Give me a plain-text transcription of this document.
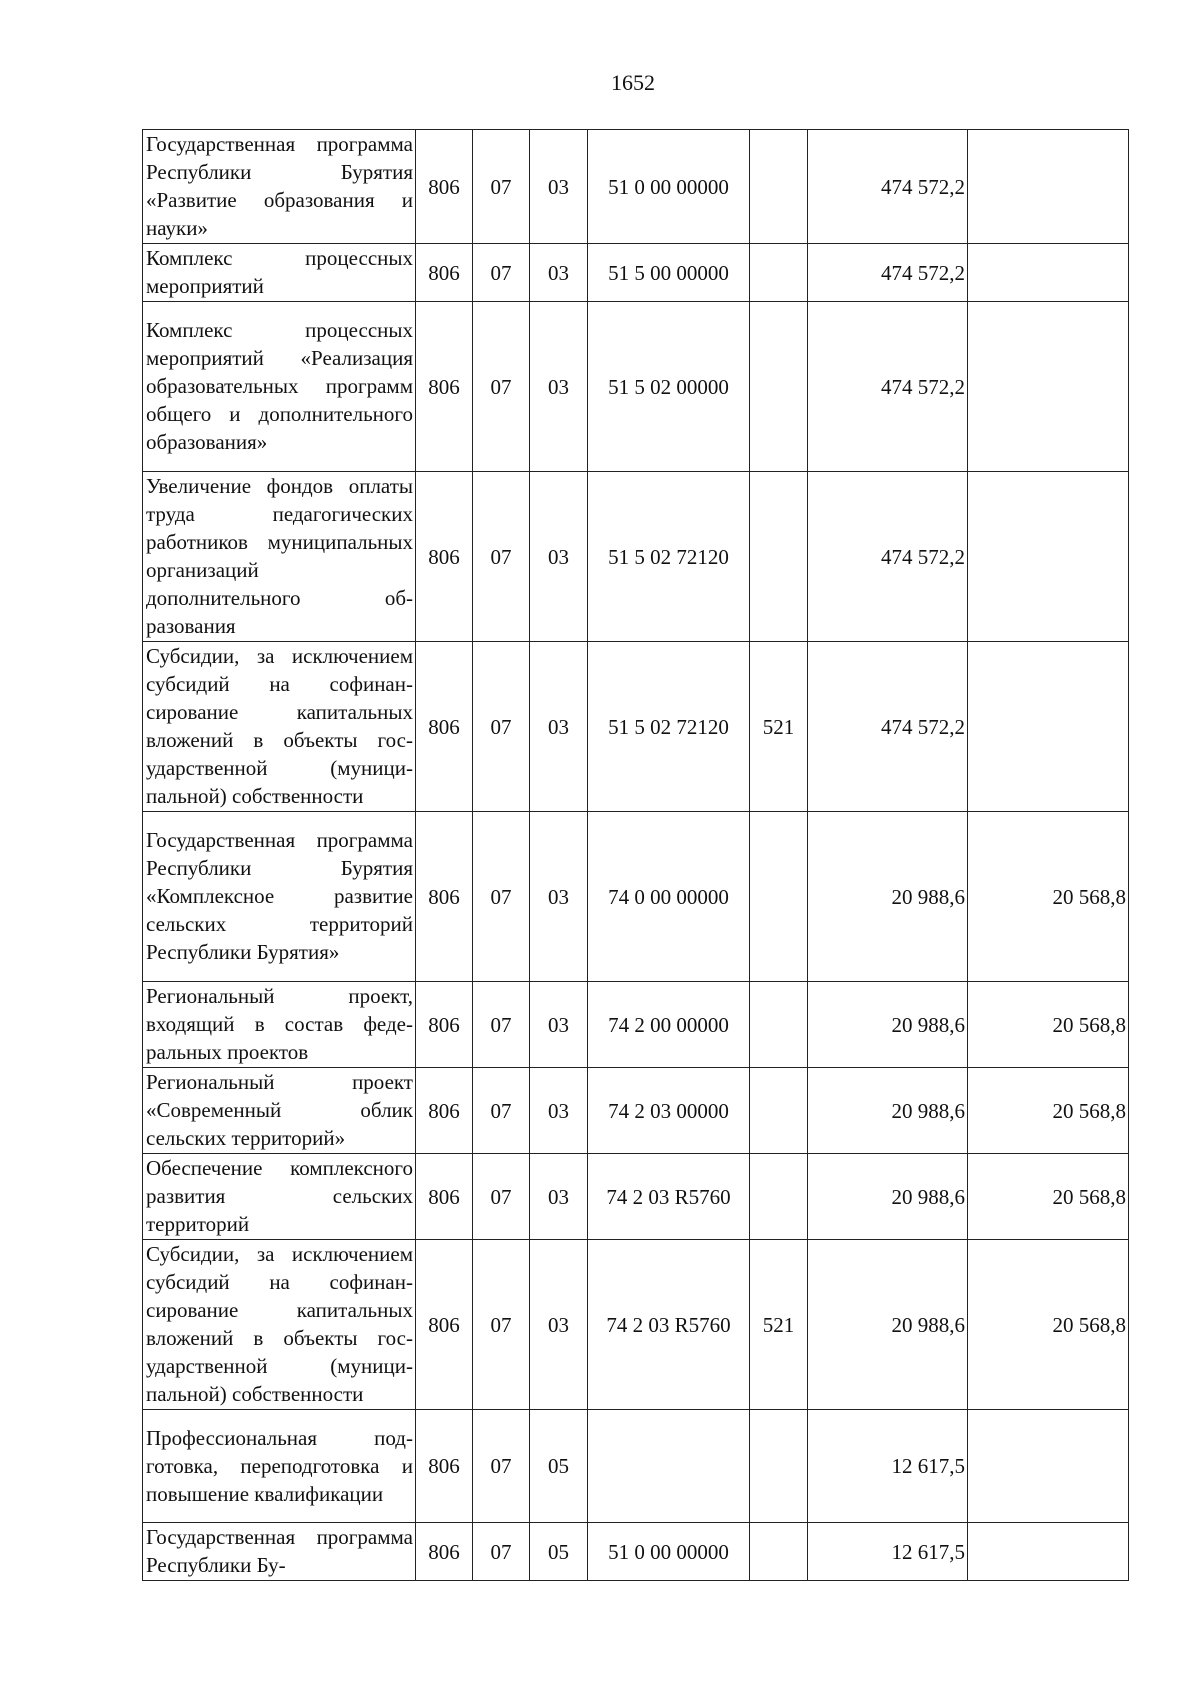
1652
Государственная программа Республики Бурятия «Развитие образования и науки»	806	07	03	51 0 00 00000		474 572,2	
Комплекс процессных мероприятий	806	07	03	51 5 00 00000		474 572,2	
Комплекс процессных мероприятий «Реализация образовательных программ общего и дополнительного образования»	806	07	03	51 5 02 00000		474 572,2	
Увеличение фондов оплаты труда педагогических работников муниципальных организаций дополнительного образования	806	07	03	51 5 02 72120		474 572,2	
Субсидии, за исключением субсидий на софинансирование капитальных вложений в объекты государственной (муниципальной) собственности	806	07	03	51 5 02 72120	521	474 572,2	
Государственная программа Республики Бурятия «Комплексное развитие сельских территорий Республики Бурятия»	806	07	03	74 0 00 00000		20 988,6	20 568,8
Региональный проект, входящий в состав федеральных проектов	806	07	03	74 2 00 00000		20 988,6	20 568,8
Региональный проект «Современный облик сельских территорий»	806	07	03	74 2 03 00000		20 988,6	20 568,8
Обеспечение комплексного развития сельских территорий	806	07	03	74 2 03 R5760		20 988,6	20 568,8
Субсидии, за исключением субсидий на софинансирование капитальных вложений в объекты государственной (муниципальной) собственности	806	07	03	74 2 03 R5760	521	20 988,6	20 568,8
Профессиональная подготовка, переподготовка и повышение квалификации	806	07	05			12 617,5	
Государственная программа Республики Бу-	806	07	05	51 0 00 00000		12 617,5	
